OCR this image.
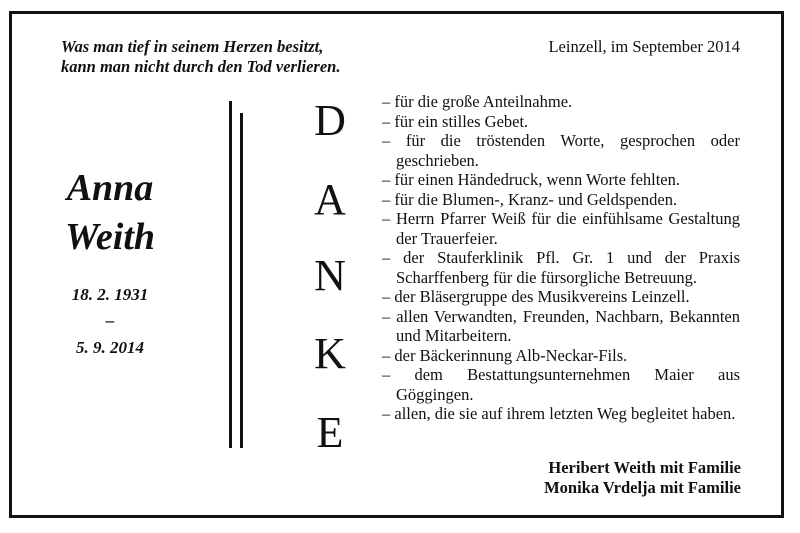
Was man tief in seinem Herzen besitzt,
kann man nicht durch den Tod verlieren.

Leinzell, im September 2014

Anna
Weith
18. 2. 1931
–
5. 9. 2014
D
A
N
K
E
– für die große Anteilnahme.
– für ein stilles Gebet.
– für die tröstenden Worte, gesprochen oder geschrieben.
– für einen Händedruck, wenn Worte fehlten.
– für die Blumen-, Kranz- und Geldspenden.
– Herrn Pfarrer Weiß für die einfühlsame Gestaltung der Trauerfeier.
– der Stauferklinik Pfl. Gr. 1 und der Praxis Scharffenberg für die fürsorgliche Betreuung.
– der Bläsergruppe des Musikvereins Leinzell.
– allen Verwandten, Freunden, Nachbarn, Bekannten und Mitarbeitern.
– der Bäckerinnung Alb-Neckar-Fils.
– dem Bestattungsunternehmen Maier aus Göggingen.
– allen, die sie auf ihrem letzten Weg begleitet haben.
Heribert Weith mit Familie
Monika Vrdelja mit Familie
